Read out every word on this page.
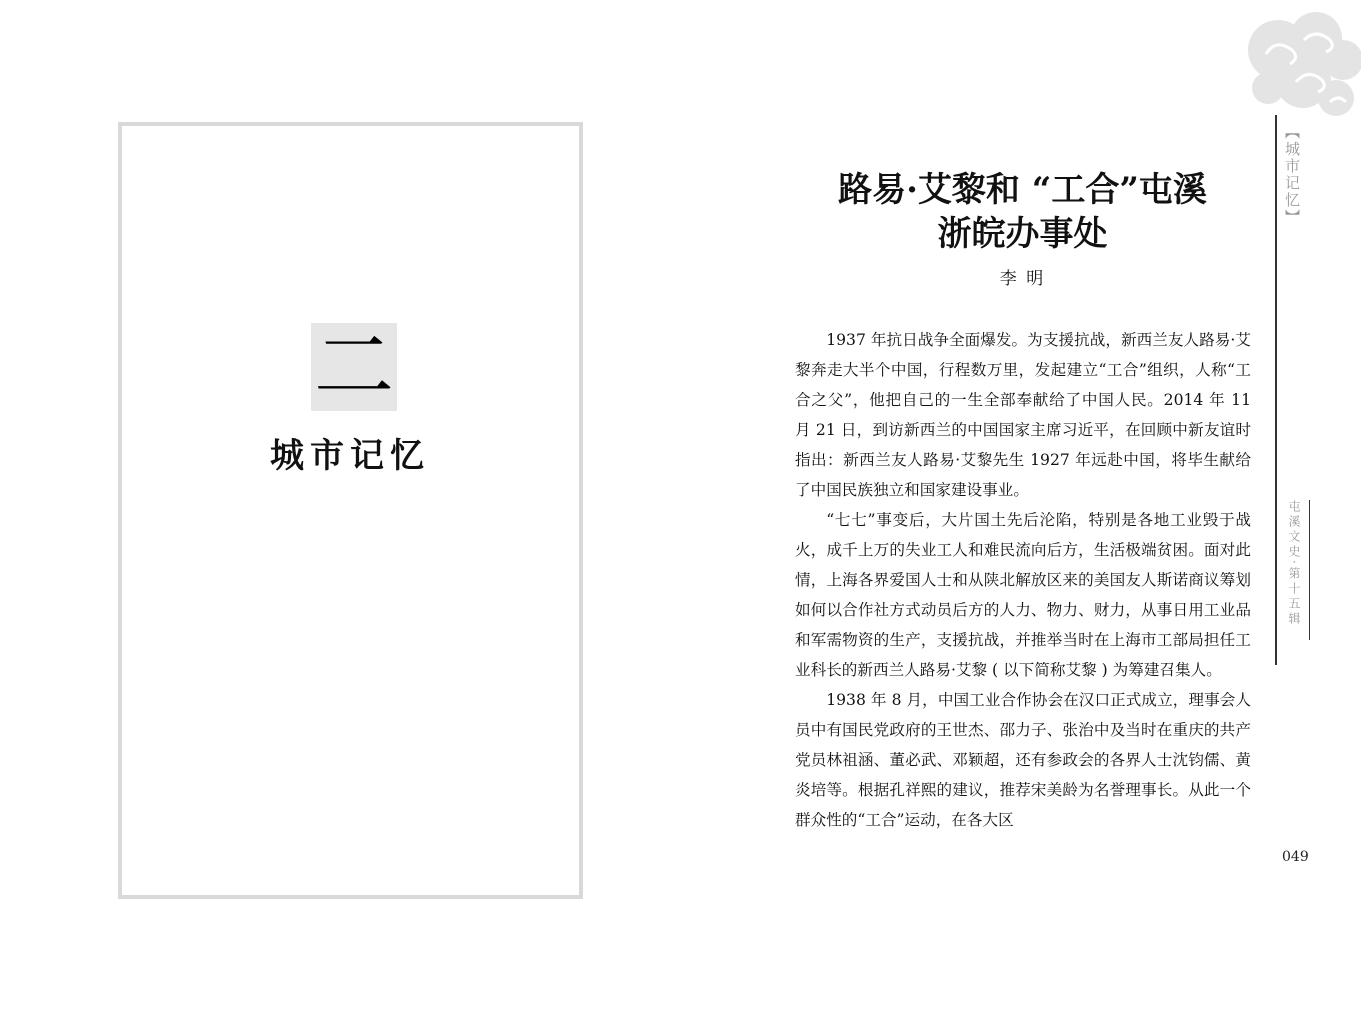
二
城市记忆
路易·艾黎和 “工合”屯溪
浙皖办事处
李 明

1937 年抗日战争全面爆发。为支援抗战，新西兰友人路易·艾黎奔走大半个中国，行程数万里，发起建立“工合”组织，人称“工合之父”，他把自己的一生全部奉献给了中国人民。2014 年 11 月 21 日，到访新西兰的中国国家主席习近平，在回顾中新友谊时指出：新西兰友人路易·艾黎先生 1927 年远赴中国，将毕生献给了中国民族独立和国家建设事业。

“七七”事变后，大片国土先后沦陷，特别是各地工业毁于战火，成千上万的失业工人和难民流向后方，生活极端贫困。面对此情，上海各界爱国人士和从陕北解放区来的美国友人斯诺商议筹划如何以合作社方式动员后方的人力、物力、财力，从事日用工业品和军需物资的生产，支援抗战，并推举当时在上海市工部局担任工业科长的新西兰人路易·艾黎 ( 以下简称艾黎 ) 为筹建召集人。

1938 年 8 月，中国工业合作协会在汉口正式成立，理事会人员中有国民党政府的王世杰、邵力子、张治中及当时在重庆的共产党员林祖涵、董必武、邓颖超，还有参政会的各界人士沈钧儒、黄炎培等。根据孔祥熙的建议，推荐宋美龄为名誉理事长。从此一个群众性的“工合”运动，在各大区

【城市记忆】
屯溪文史·第十五辑
049
